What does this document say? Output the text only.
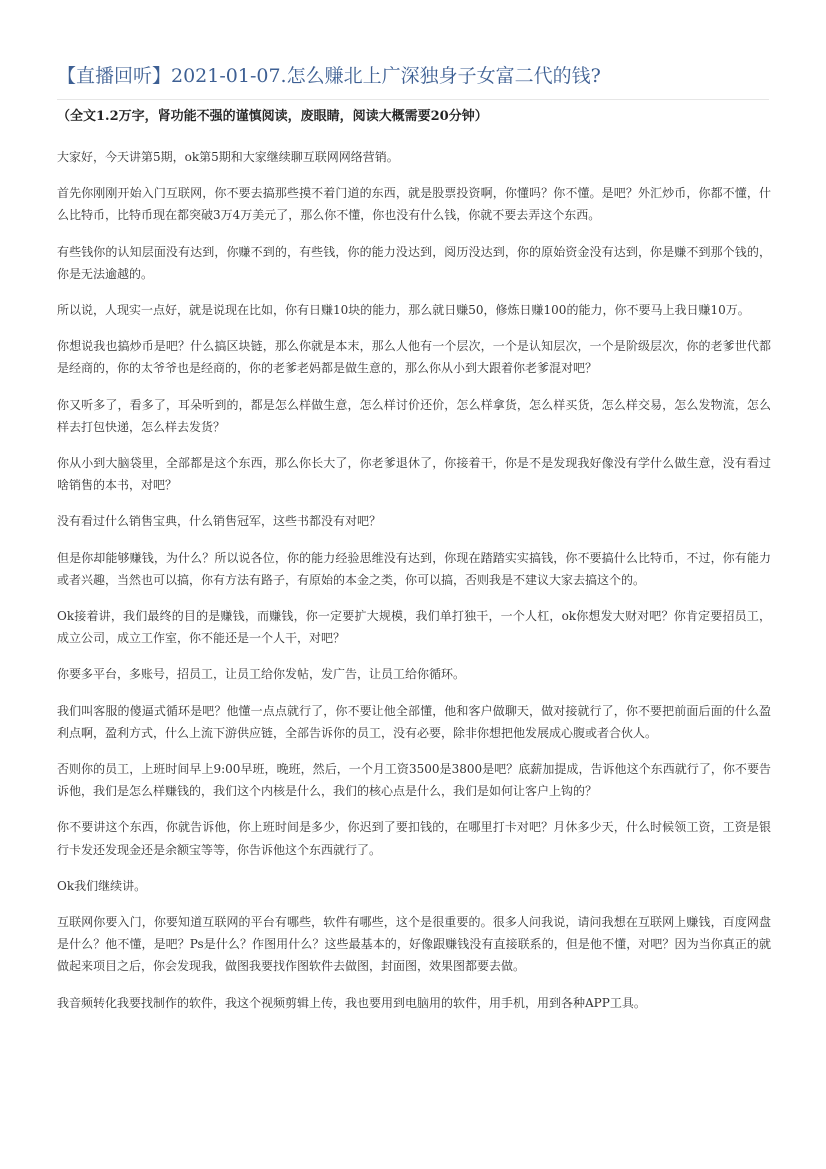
【直播回听】2021-01-07.怎么赚北上广深独身子女富二代的钱?
（全文1.2万字，肾功能不强的谨慎阅读，废眼睛，阅读大概需要20分钟）

大家好，今天讲第5期，ok第5期和大家继续聊互联网网络营销。

首先你刚刚开始入门互联网，你不要去搞那些摸不着门道的东西，就是股票投资啊，你懂吗？你不懂。是吧？外汇炒币，你都不懂，什么比特币，比特币现在都突破3万4万美元了，那么你不懂，你也没有什么钱，你就不要去弄这个东西。

有些钱你的认知层面没有达到，你赚不到的，有些钱，你的能力没达到，阅历没达到，你的原始资金没有达到，你是赚不到那个钱的，你是无法逾越的。

所以说，人现实一点好，就是说现在比如，你有日赚10块的能力，那么就日赚50，修炼日赚100的能力，你不要马上我日赚10万。

你想说我也搞炒币是吧？什么搞区块链，那么你就是本末，那么人他有一个层次，一个是认知层次，一个是阶级层次，你的老爹世代都是经商的，你的太爷爷也是经商的，你的老爹老妈都是做生意的，那么你从小到大跟着你老爹混对吧？

你又听多了，看多了，耳朵听到的，都是怎么样做生意，怎么样讨价还价，怎么样拿货，怎么样买货，怎么样交易，怎么发物流，怎么样去打包快递，怎么样去发货？

你从小到大脑袋里，全部都是这个东西，那么你长大了，你老爹退休了，你接着干，你是不是发现我好像没有学什么做生意，没有看过啥销售的本书，对吧？

没有看过什么销售宝典，什么销售冠军，这些书都没有对吧？

但是你却能够赚钱，为什么？所以说各位，你的能力经验思维没有达到，你现在踏踏实实搞钱，你不要搞什么比特币，不过，你有能力或者兴趣，当然也可以搞，你有方法有路子，有原始的本金之类，你可以搞，否则我是不建议大家去搞这个的。

Ok接着讲，我们最终的目的是赚钱，而赚钱，你一定要扩大规模，我们单打独干，一个人杠，ok你想发大财对吧？你肯定要招员工，成立公司，成立工作室，你不能还是一个人干，对吧？

你要多平台，多账号，招员工，让员工给你发帖，发广告，让员工给你循环。

我们叫客服的傻逼式循环是吧？他懂一点点就行了，你不要让他全部懂，他和客户做聊天，做对接就行了，你不要把前面后面的什么盈利点啊，盈利方式，什么上流下游供应链，全部告诉你的员工，没有必要，除非你想把他发展成心腹或者合伙人。

否则你的员工，上班时间早上9:00早班，晚班，然后，一个月工资3500是3800是吧？底薪加提成，告诉他这个东西就行了，你不要告诉他，我们是怎么样赚钱的，我们这个内核是什么，我们的核心点是什么，我们是如何让客户上钩的？

你不要讲这个东西，你就告诉他，你上班时间是多少，你迟到了要扣钱的，在哪里打卡对吧？月休多少天，什么时候领工资，工资是银行卡发还发现金还是余额宝等等，你告诉他这个东西就行了。

Ok我们继续讲。

互联网你要入门，你要知道互联网的平台有哪些，软件有哪些，这个是很重要的。很多人问我说，请问我想在互联网上赚钱，百度网盘是什么？他不懂，是吧？Ps是什么？作图用什么？这些最基本的，好像跟赚钱没有直接联系的，但是他不懂，对吧？因为当你真正的就做起来项目之后，你会发现我，做图我要找作图软件去做图，封面图，效果图都要去做。

我音频转化我要找制作的软件，我这个视频剪辑上传，我也要用到电脑用的软件，用手机，用到各种APP工具。
